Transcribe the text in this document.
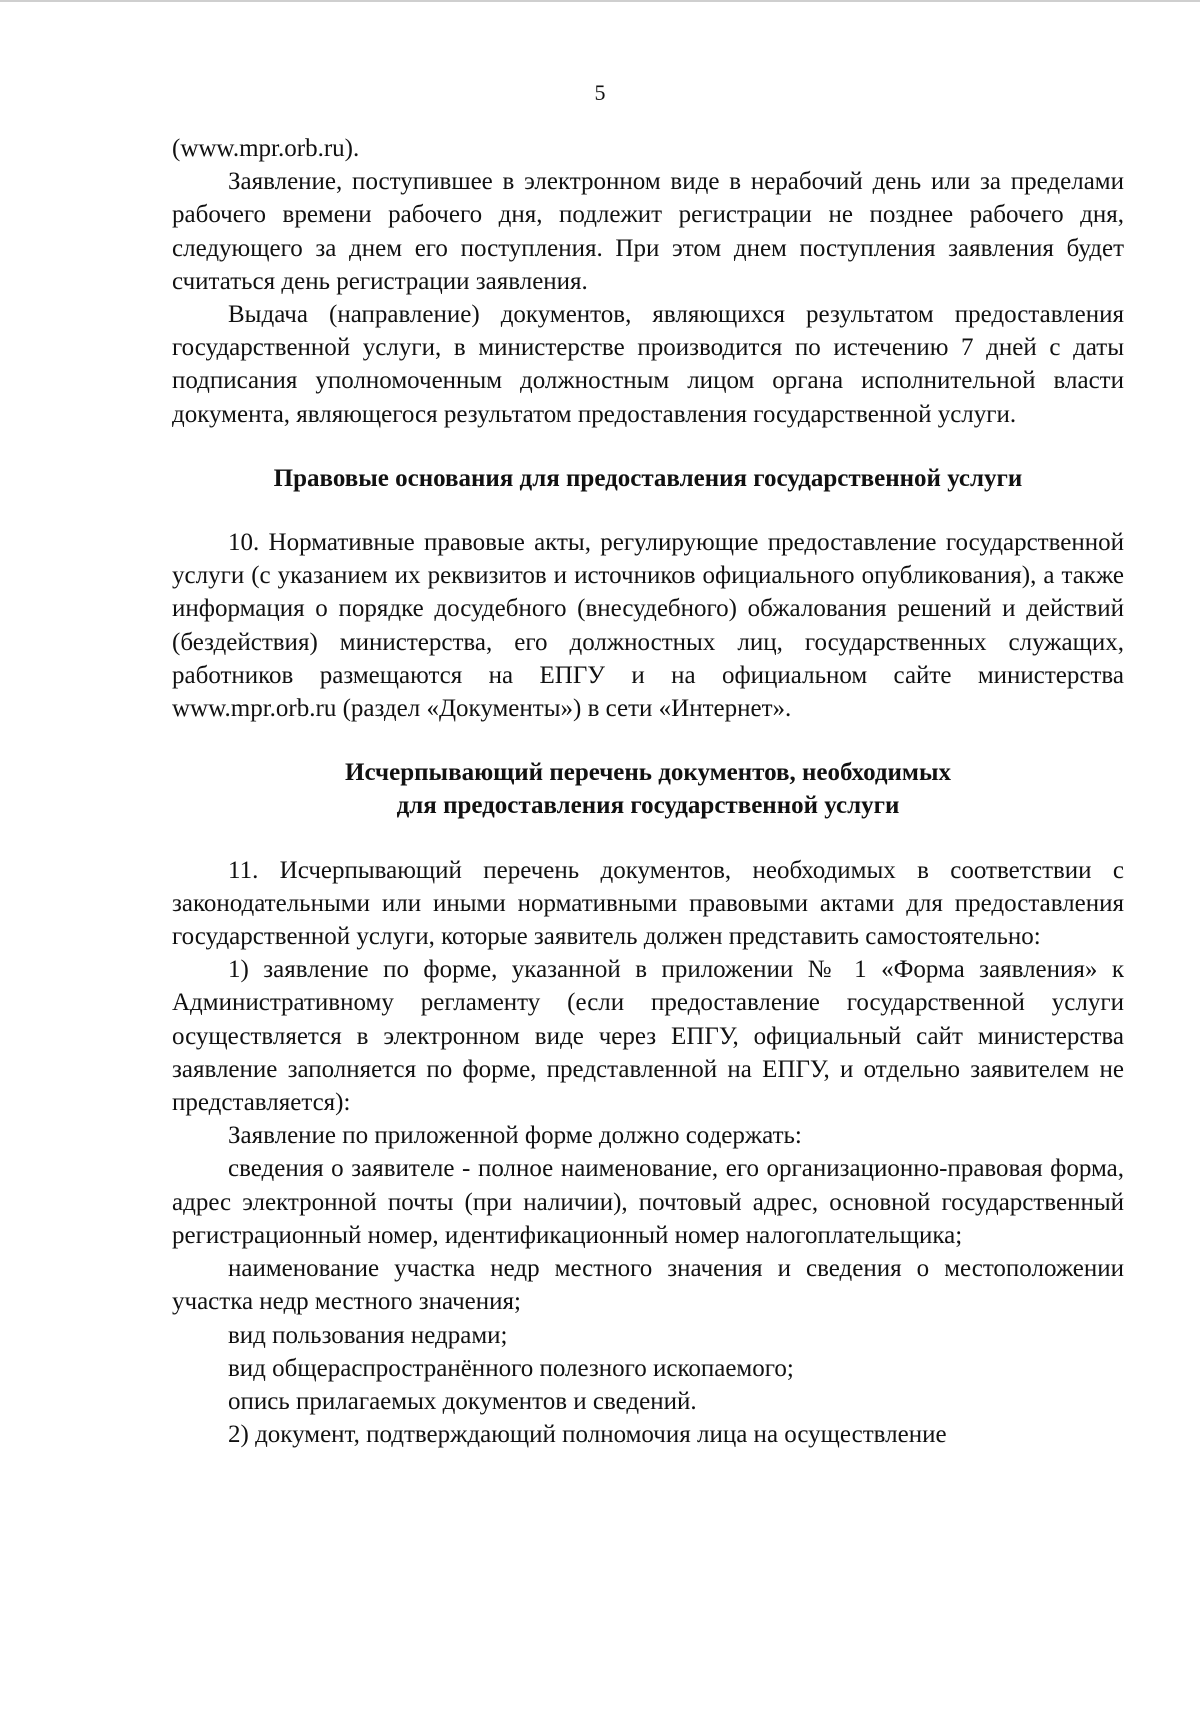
5

(www.mpr.orb.ru).

Заявление, поступившее в электронном виде в нерабочий день или за пределами рабочего времени рабочего дня, подлежит регистрации не позднее рабочего дня, следующего за днем его поступления. При этом днем поступления заявления будет считаться день регистрации заявления.

Выдача (направление) документов, являющихся результатом предоставления государственной услуги, в министерстве производится по истечению 7 дней с даты подписания уполномоченным должностным лицом органа исполнительной власти документа, являющегося результатом предоставления государственной услуги.

Правовые основания для предоставления государственной услуги

10. Нормативные правовые акты, регулирующие предоставление государственной услуги (с указанием их реквизитов и источников официального опубликования), а также информация о порядке досудебного (внесудебного) обжалования решений и действий (бездействия) министерства, его должностных лиц, государственных служащих, работников размещаются на ЕПГУ и на официальном сайте министерства www.mpr.orb.ru (раздел «Документы») в сети «Интернет».

Исчерпывающий перечень документов, необходимых
для предоставления государственной услуги

11. Исчерпывающий перечень документов, необходимых в соответствии с законодательными или иными нормативными правовыми актами для предоставления государственной услуги, которые заявитель должен представить самостоятельно:

1) заявление по форме, указанной в приложении № 1 «Форма заявления» к Административному регламенту (если предоставление государственной услуги осуществляется в электронном виде через ЕПГУ, официальный сайт министерства заявление заполняется по форме, представленной на ЕПГУ, и отдельно заявителем не представляется):

Заявление по приложенной форме должно содержать:

сведения о заявителе - полное наименование, его организационно-правовая форма, адрес электронной почты (при наличии), почтовый адрес, основной государственный регистрационный номер, идентификационный номер налогоплательщика;

наименование участка недр местного значения и сведения о местоположении участка недр местного значения;

вид пользования недрами;

вид общераспространённого полезного ископаемого;

опись прилагаемых документов и сведений.

2) документ, подтверждающий полномочия лица на осуществление
